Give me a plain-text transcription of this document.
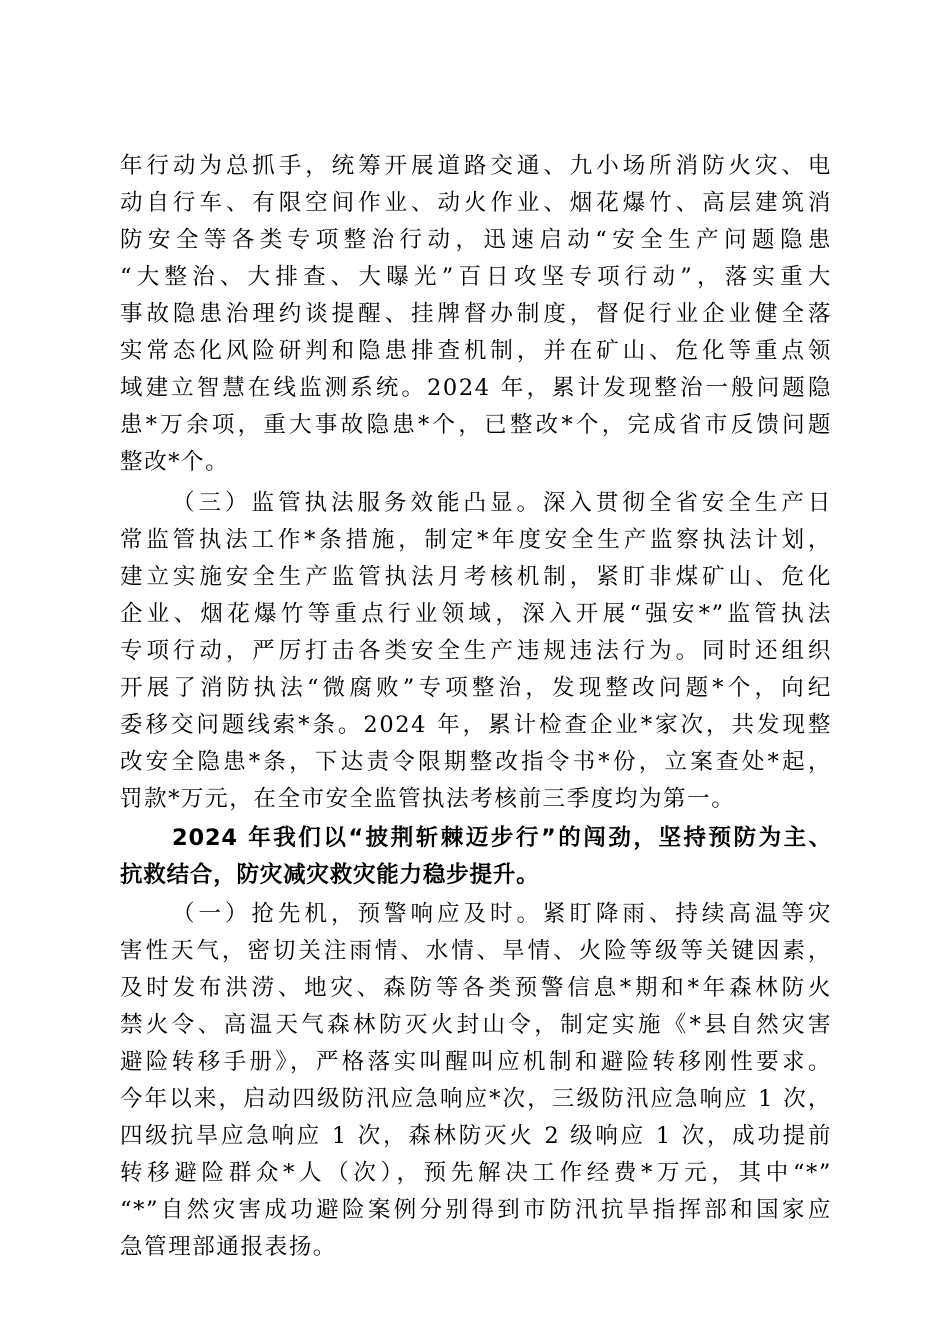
年行动为总抓手，统筹开展道路交通、九小场所消防火灾、电
动自行车、有限空间作业、动火作业、烟花爆竹、高层建筑消
防安全等各类专项整治行动，迅速启动“安全生产问题隐患
“大整治、大排查、大曝光”百日攻坚专项行动”，落实重大
事故隐患治理约谈提醒、挂牌督办制度，督促行业企业健全落
实常态化风险研判和隐患排查机制，并在矿山、危化等重点领
域建立智慧在线监测系统。2024 年，累计发现整治一般问题隐
患*万余项，重大事故隐患*个，已整改*个，完成省市反馈问题
整改*个。
（三）监管执法服务效能凸显。深入贯彻全省安全生产日
常监管执法工作*条措施，制定*年度安全生产监察执法计划，
建立实施安全生产监管执法月考核机制，紧盯非煤矿山、危化
企业、烟花爆竹等重点行业领域，深入开展“强安*”监管执法
专项行动，严厉打击各类安全生产违规违法行为。同时还组织
开展了消防执法“微腐败”专项整治，发现整改问题*个，向纪
委移交问题线索*条。2024 年，累计检查企业*家次，共发现整
改安全隐患*条，下达责令限期整改指令书*份，立案查处*起，
罚款*万元，在全市安全监管执法考核前三季度均为第一。
2024 年我们以“披荆斩棘迈步行”的闯劲，坚持预防为主、
抗救结合，防灾减灾救灾能力稳步提升。
（一）抢先机，预警响应及时。紧盯降雨、持续高温等灾
害性天气，密切关注雨情、水情、旱情、火险等级等关键因素，
及时发布洪涝、地灾、森防等各类预警信息*期和*年森林防火
禁火令、高温天气森林防灭火封山令，制定实施《*县自然灾害
避险转移手册》，严格落实叫醒叫应机制和避险转移刚性要求。
今年以来，启动四级防汛应急响应*次，三级防汛应急响应 1 次，
四级抗旱应急响应 1 次，森林防灭火 2 级响应 1 次，成功提前
转移避险群众*人（次），预先解决工作经费*万元，其中“*”
“*”自然灾害成功避险案例分别得到市防汛抗旱指挥部和国家应
急管理部通报表扬。
